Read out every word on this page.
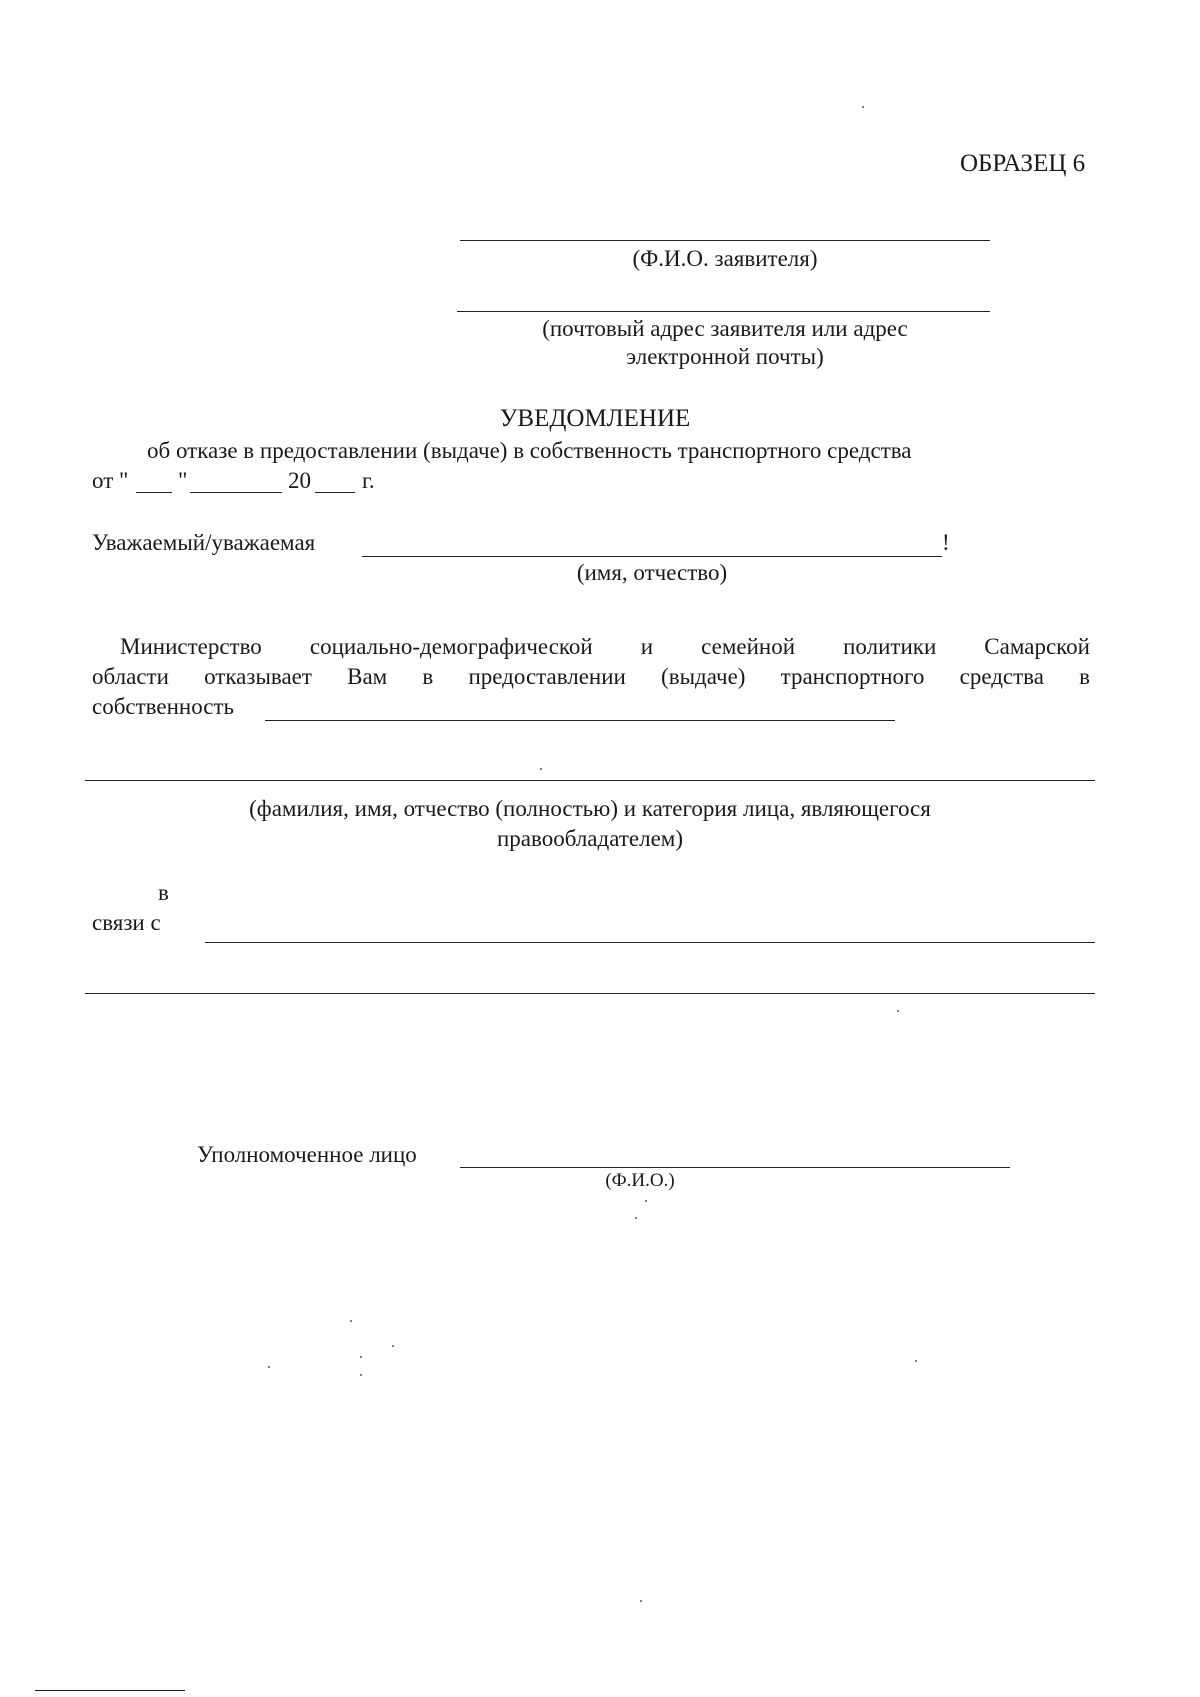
ОБРАЗЕЦ 6
(Ф.И.О. заявителя)
(почтовый адрес заявителя или адрес
электронной почты)
УВЕДОМЛЕНИЕ
об отказе в предоставлении (выдаче) в собственность транспортного средства
от " "	20 г.
Уважаемый/уважаемая	!
(имя, отчество)
Министерство социально-демографической и семейной политики Самарской
области отказывает Вам в предоставлении (выдаче) транспортного средства в
собственность
(фамилия, имя, отчество (полностью) и категория лица, являющегося
правообладателем)
в
связи с
Уполномоченное лицо
(Ф.И.О.)
